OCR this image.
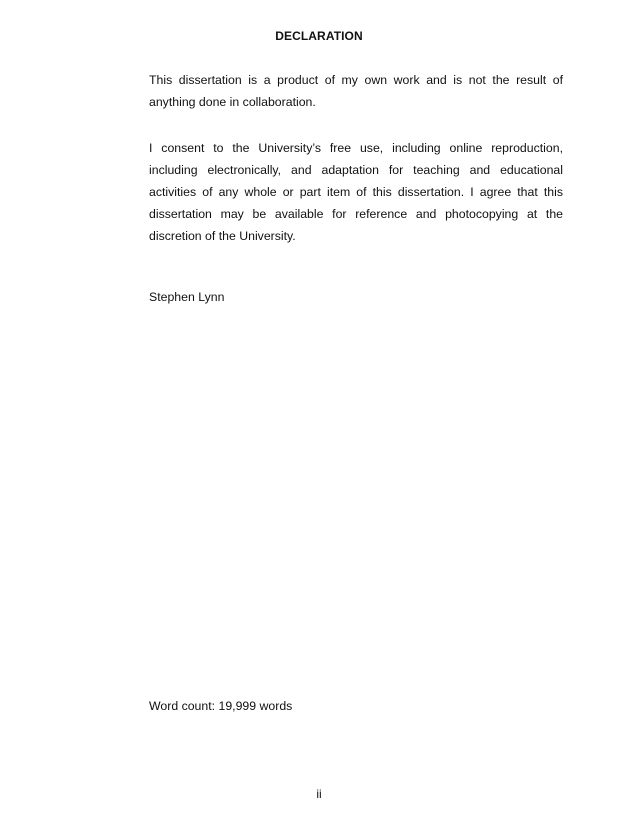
DECLARATION

This dissertation is a product of my own work and is not the result of anything done in collaboration.

I consent to the University’s free use, including online reproduction, including electronically, and adaptation for teaching and educational activities of any whole or part item of this dissertation. I agree that this dissertation may be available for reference and photocopying at the discretion of the University.

Stephen Lynn
Word count: 19,999 words
ii
